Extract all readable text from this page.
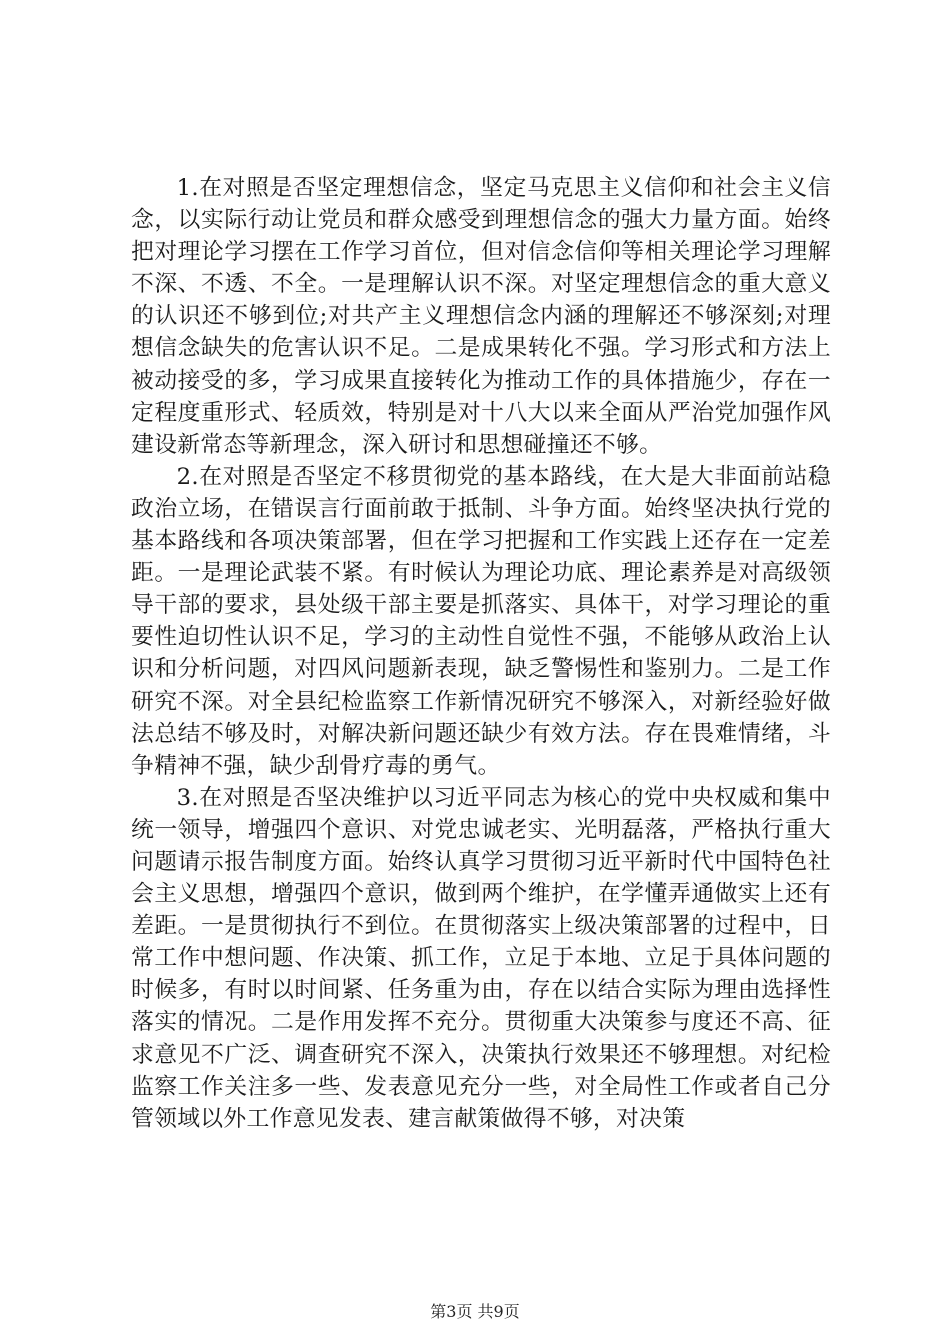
1.在对照是否坚定理想信念，坚定马克思主义信仰和社会主义信念，以实际行动让党员和群众感受到理想信念的强大力量方面。始终把对理论学习摆在工作学习首位，但对信念信仰等相关理论学习理解不深、不透、不全。一是理解认识不深。对坚定理想信念的重大意义的认识还不够到位;对共产主义理想信念内涵的理解还不够深刻;对理想信念缺失的危害认识不足。二是成果转化不强。学习形式和方法上被动接受的多，学习成果直接转化为推动工作的具体措施少，存在一定程度重形式、轻质效，特别是对十八大以来全面从严治党加强作风建设新常态等新理念，深入研讨和思想碰撞还不够。

2.在对照是否坚定不移贯彻党的基本路线，在大是大非面前站稳政治立场，在错误言行面前敢于抵制、斗争方面。始终坚决执行党的基本路线和各项决策部署，但在学习把握和工作实践上还存在一定差距。一是理论武装不紧。有时候认为理论功底、理论素养是对高级领导干部的要求，县处级干部主要是抓落实、具体干，对学习理论的重要性迫切性认识不足，学习的主动性自觉性不强，不能够从政治上认识和分析问题，对四风问题新表现，缺乏警惕性和鉴别力。二是工作研究不深。对全县纪检监察工作新情况研究不够深入，对新经验好做法总结不够及时，对解决新问题还缺少有效方法。存在畏难情绪，斗争精神不强，缺少刮骨疗毒的勇气。

3.在对照是否坚决维护以习近平同志为核心的党中央权威和集中统一领导，增强四个意识、对党忠诚老实、光明磊落，严格执行重大问题请示报告制度方面。始终认真学习贯彻习近平新时代中国特色社会主义思想，增强四个意识，做到两个维护，在学懂弄通做实上还有差距。一是贯彻执行不到位。在贯彻落实上级决策部署的过程中，日常工作中想问题、作决策、抓工作，立足于本地、立足于具体问题的时候多，有时以时间紧、任务重为由，存在以结合实际为理由选择性落实的情况。二是作用发挥不充分。贯彻重大决策参与度还不高、征求意见不广泛、调查研究不深入，决策执行效果还不够理想。对纪检监察工作关注多一些、发表意见充分一些，对全局性工作或者自己分管领域以外工作意见发表、建言献策做得不够，对决策

第3页 共9页
